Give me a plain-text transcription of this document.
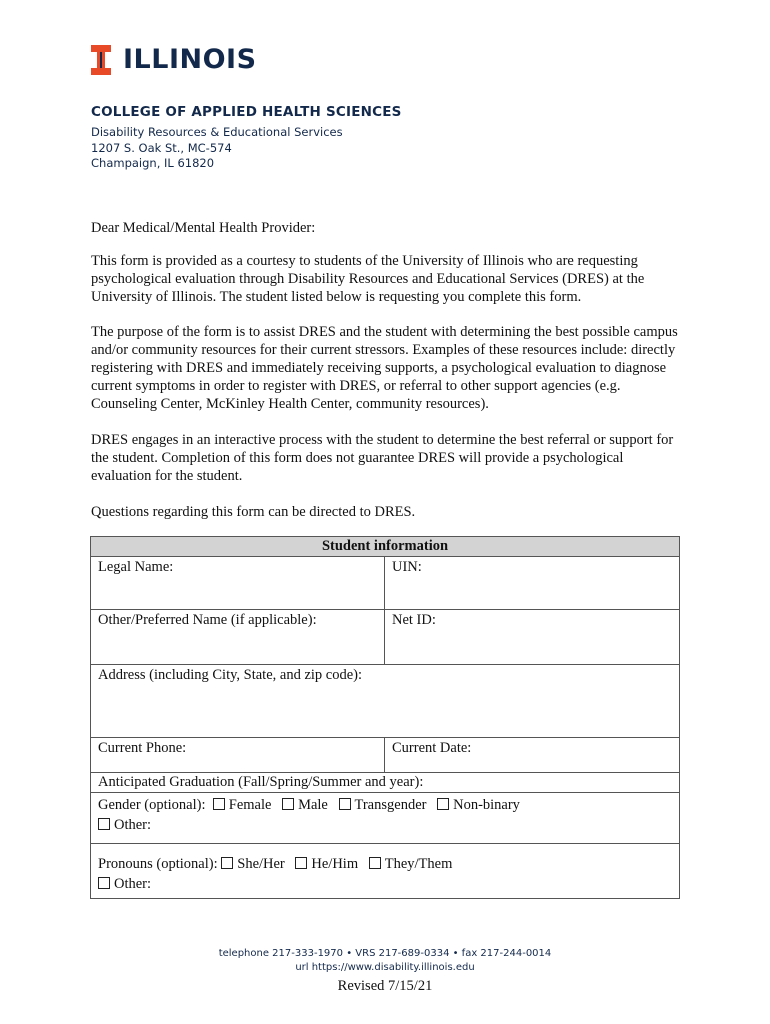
ILLINOIS
COLLEGE OF APPLIED HEALTH SCIENCES
Disability Resources & Educational Services
1207 S. Oak St., MC-574
Champaign, IL 61820
Dear Medical/Mental Health Provider:
This form is provided as a courtesy to students of the University of Illinois who are requesting psychological evaluation through Disability Resources and Educational Services (DRES) at the University of Illinois. The student listed below is requesting you complete this form.
The purpose of the form is to assist DRES and the student with determining the best possible campus and/or community resources for their current stressors. Examples of these resources include: directly registering with DRES and immediately receiving supports, a psychological evaluation to diagnose current symptoms in order to register with DRES, or referral to other support agencies (e.g. Counseling Center, McKinley Health Center, community resources).
DRES engages in an interactive process with the student to determine the best referral or support for the student. Completion of this form does not guarantee DRES will provide a psychological evaluation for the student.
Questions regarding this form can be directed to DRES.
Student information	

Legal Name:	UIN:
Other/Preferred Name (if applicable):	Net ID:
Address (including City, State, and zip code):	
Current Phone:	Current Date:
Anticipated Graduation (Fall/Spring/Summer and year):	

Gender (optional): Female Male Transgender Non-binary
Other:	

Pronouns (optional): She/Her He/Him They/Them
Other:	
telephone 217-333-1970 • VRS 217-689-0334 • fax 217-244-0014
url https://www.disability.illinois.edu
Revised 7/15/21
